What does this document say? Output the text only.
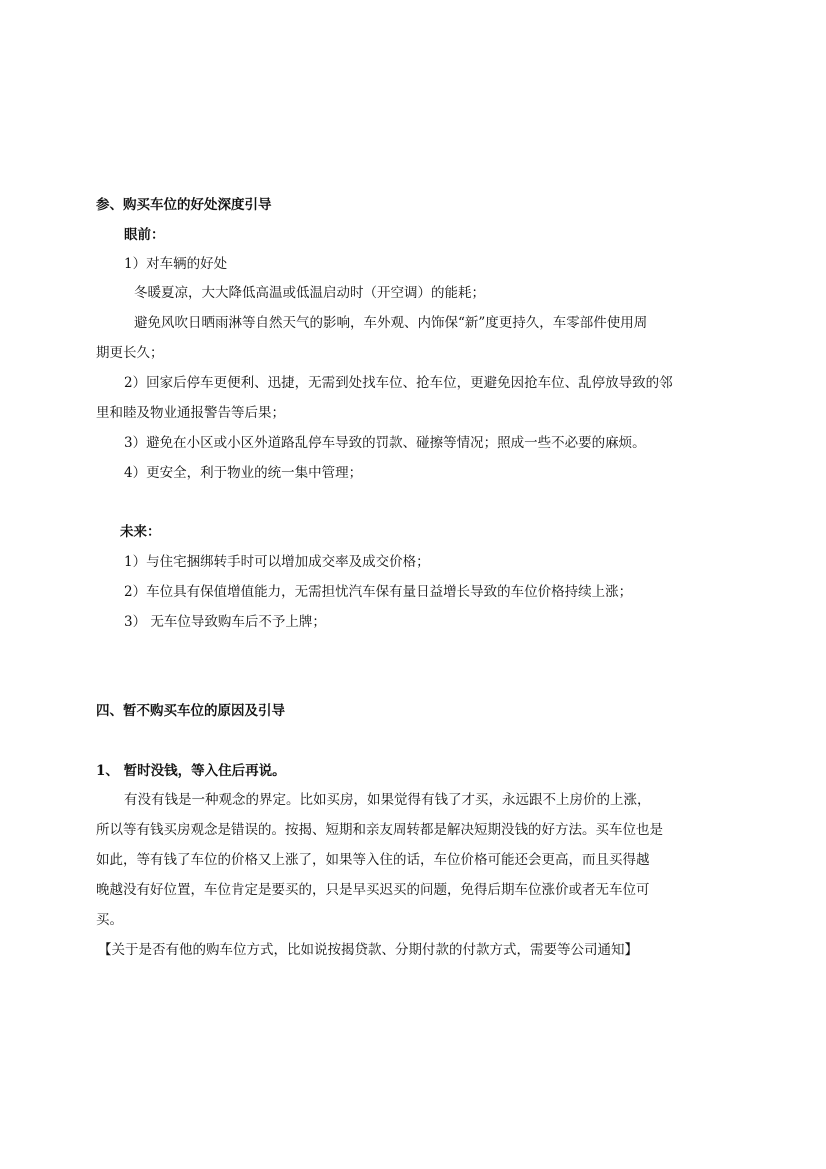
参、购买车位的好处深度引导
眼前：
1）对车辆的好处
冬暖夏凉，大大降低高温或低温启动时（开空调）的能耗；
避免风吹日晒雨淋等自然天气的影响，车外观、内饰保“新”度更持久，车零部件使用周
期更长久；
2）回家后停车更便利、迅捷，无需到处找车位、抢车位，更避免因抢车位、乱停放导致的邻
里和睦及物业通报警告等后果；
3）避免在小区或小区外道路乱停车导致的罚款、碰擦等情况；照成一些不必要的麻烦。
4）更安全，利于物业的统一集中管理；
未来：
1）与住宅捆绑转手时可以增加成交率及成交价格；
2）车位具有保值增值能力，无需担忧汽车保有量日益增长导致的车位价格持续上涨；
3） 无车位导致购车后不予上牌；
四、暂不购买车位的原因及引导
1、 暂时没钱，等入住后再说。
有没有钱是一种观念的界定。比如买房，如果觉得有钱了才买，永远跟不上房价的上涨，
所以等有钱买房观念是错误的。按揭、短期和亲友周转都是解决短期没钱的好方法。买车位也是
如此，等有钱了车位的价格又上涨了，如果等入住的话，车位价格可能还会更高，而且买得越
晚越没有好位置，车位肯定是要买的，只是早买迟买的问题，免得后期车位涨价或者无车位可
买。
【关于是否有他的购车位方式，比如说按揭贷款、分期付款的付款方式，需要等公司通知】
